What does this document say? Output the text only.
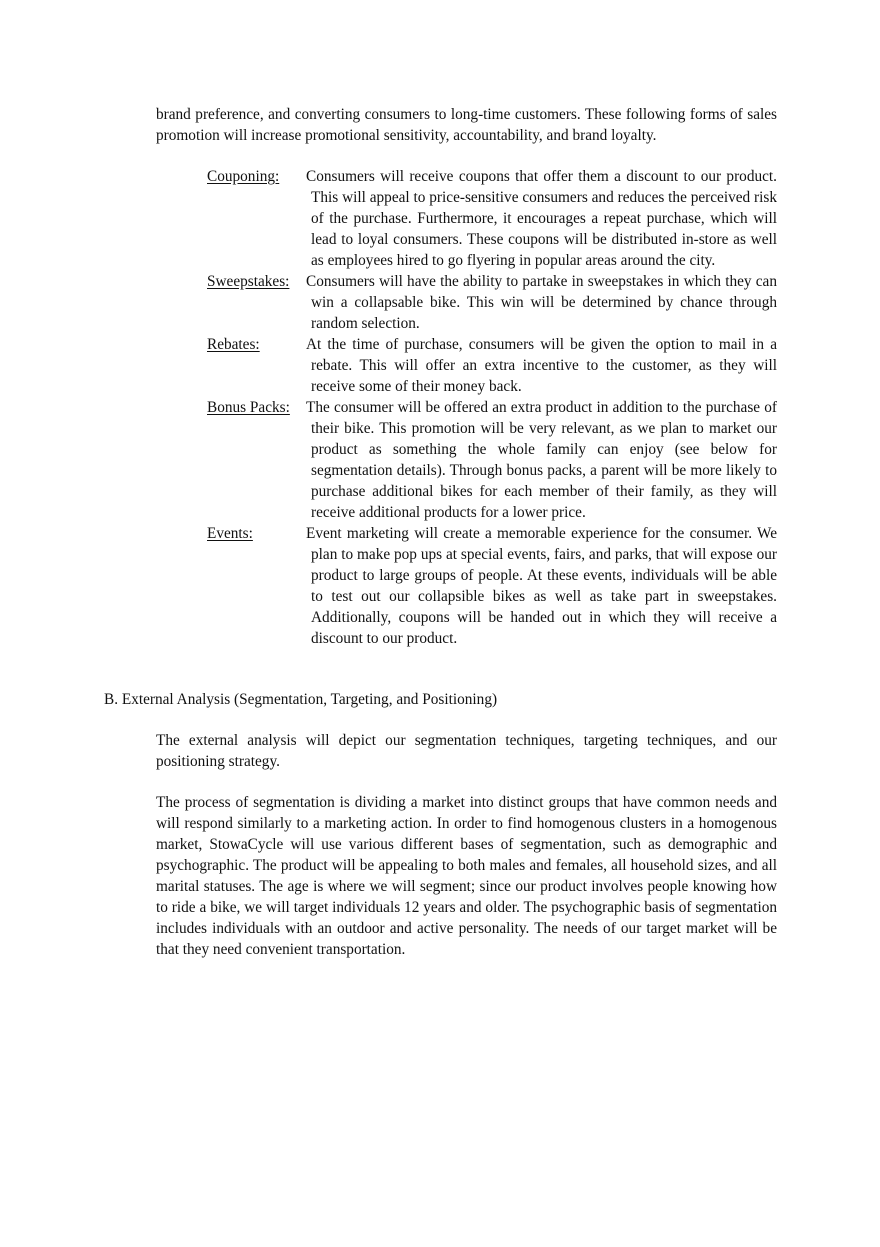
brand preference, and converting consumers to long-time customers. These following forms of sales promotion will increase promotional sensitivity, accountability, and brand loyalty.

Couponing: Consumers will receive coupons that offer them a discount to our product. This will appeal to price-sensitive consumers and reduces the perceived risk of the purchase. Furthermore, it encourages a repeat purchase, which will lead to loyal consumers. These coupons will be distributed in-store as well as employees hired to go flyering in popular areas around the city.
Sweepstakes: Consumers will have the ability to partake in sweepstakes in which they can win a collapsable bike. This win will be determined by chance through random selection.
Rebates:	At the time of purchase, consumers will be given the option to mail in a rebate. This will offer an extra incentive to the customer, as they will receive some of their money back.
Bonus Packs: The consumer will be offered an extra product in addition to the purchase of their bike. This promotion will be very relevant, as we plan to market our product as something the whole family can enjoy (see below for segmentation details). Through bonus packs, a parent will be more likely to purchase additional bikes for each member of their family, as they will receive additional products for a lower price.
Events:	Event marketing will create a memorable experience for the consumer. We plan to make pop ups at special events, fairs, and parks, that will expose our product to large groups of people. At these events, individuals will be able to test out our collapsible bikes as well as take part in sweepstakes. Additionally, coupons will be handed out in which they will receive a discount to our product.
B. External Analysis (Segmentation, Targeting, and Positioning)

The external analysis will depict our segmentation techniques, targeting techniques, and our positioning strategy.

The process of segmentation is dividing a market into distinct groups that have common needs and will respond similarly to a marketing action. In order to find homogenous clusters in a homogenous market, StowaCycle will use various different bases of segmentation, such as demographic and psychographic. The product will be appealing to both males and females, all household sizes, and all marital statuses. The age is where we will segment; since our product involves people knowing how to ride a bike, we will target individuals 12 years and older. The psychographic basis of segmentation includes individuals with an outdoor and active personality. The needs of our target market will be that they need convenient transportation.
